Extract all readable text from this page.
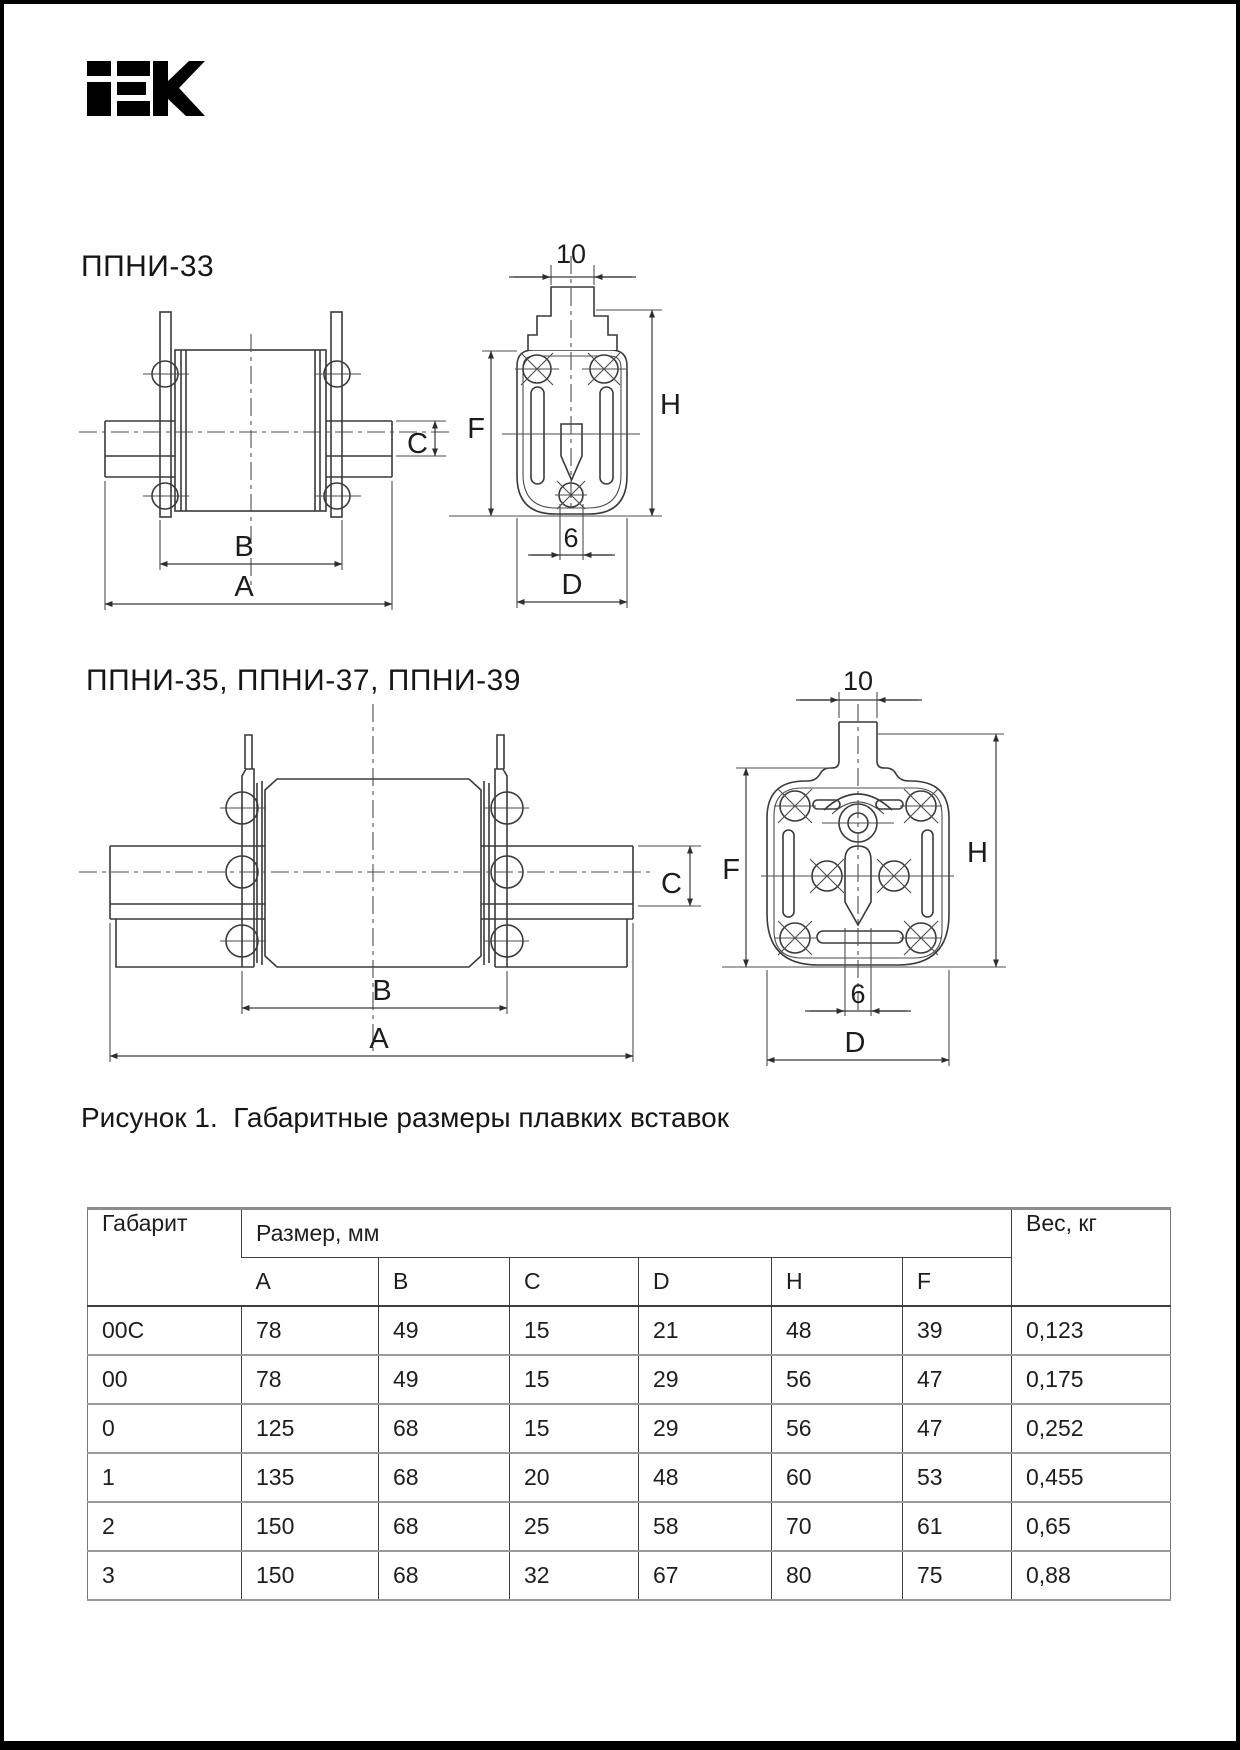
ППНИ-33
ППНИ-35, ППНИ-37, ППНИ-39
C
B
A
10
F
H
6
D
C
B
A
10
H
F
6
D
Рисунок 1.  Габаритные размеры плавких вставок
Габарит	Размер, мм						Вес, кг
	A	B	C	D	H	F	
00C	78	49	15	21	48	39	0,123
00	78	49	15	29	56	47	0,175
0	125	68	15	29	56	47	0,252
1	135	68	20	48	60	53	0,455
2	150	68	25	58	70	61	0,65
3	150	68	32	67	80	75	0,88
